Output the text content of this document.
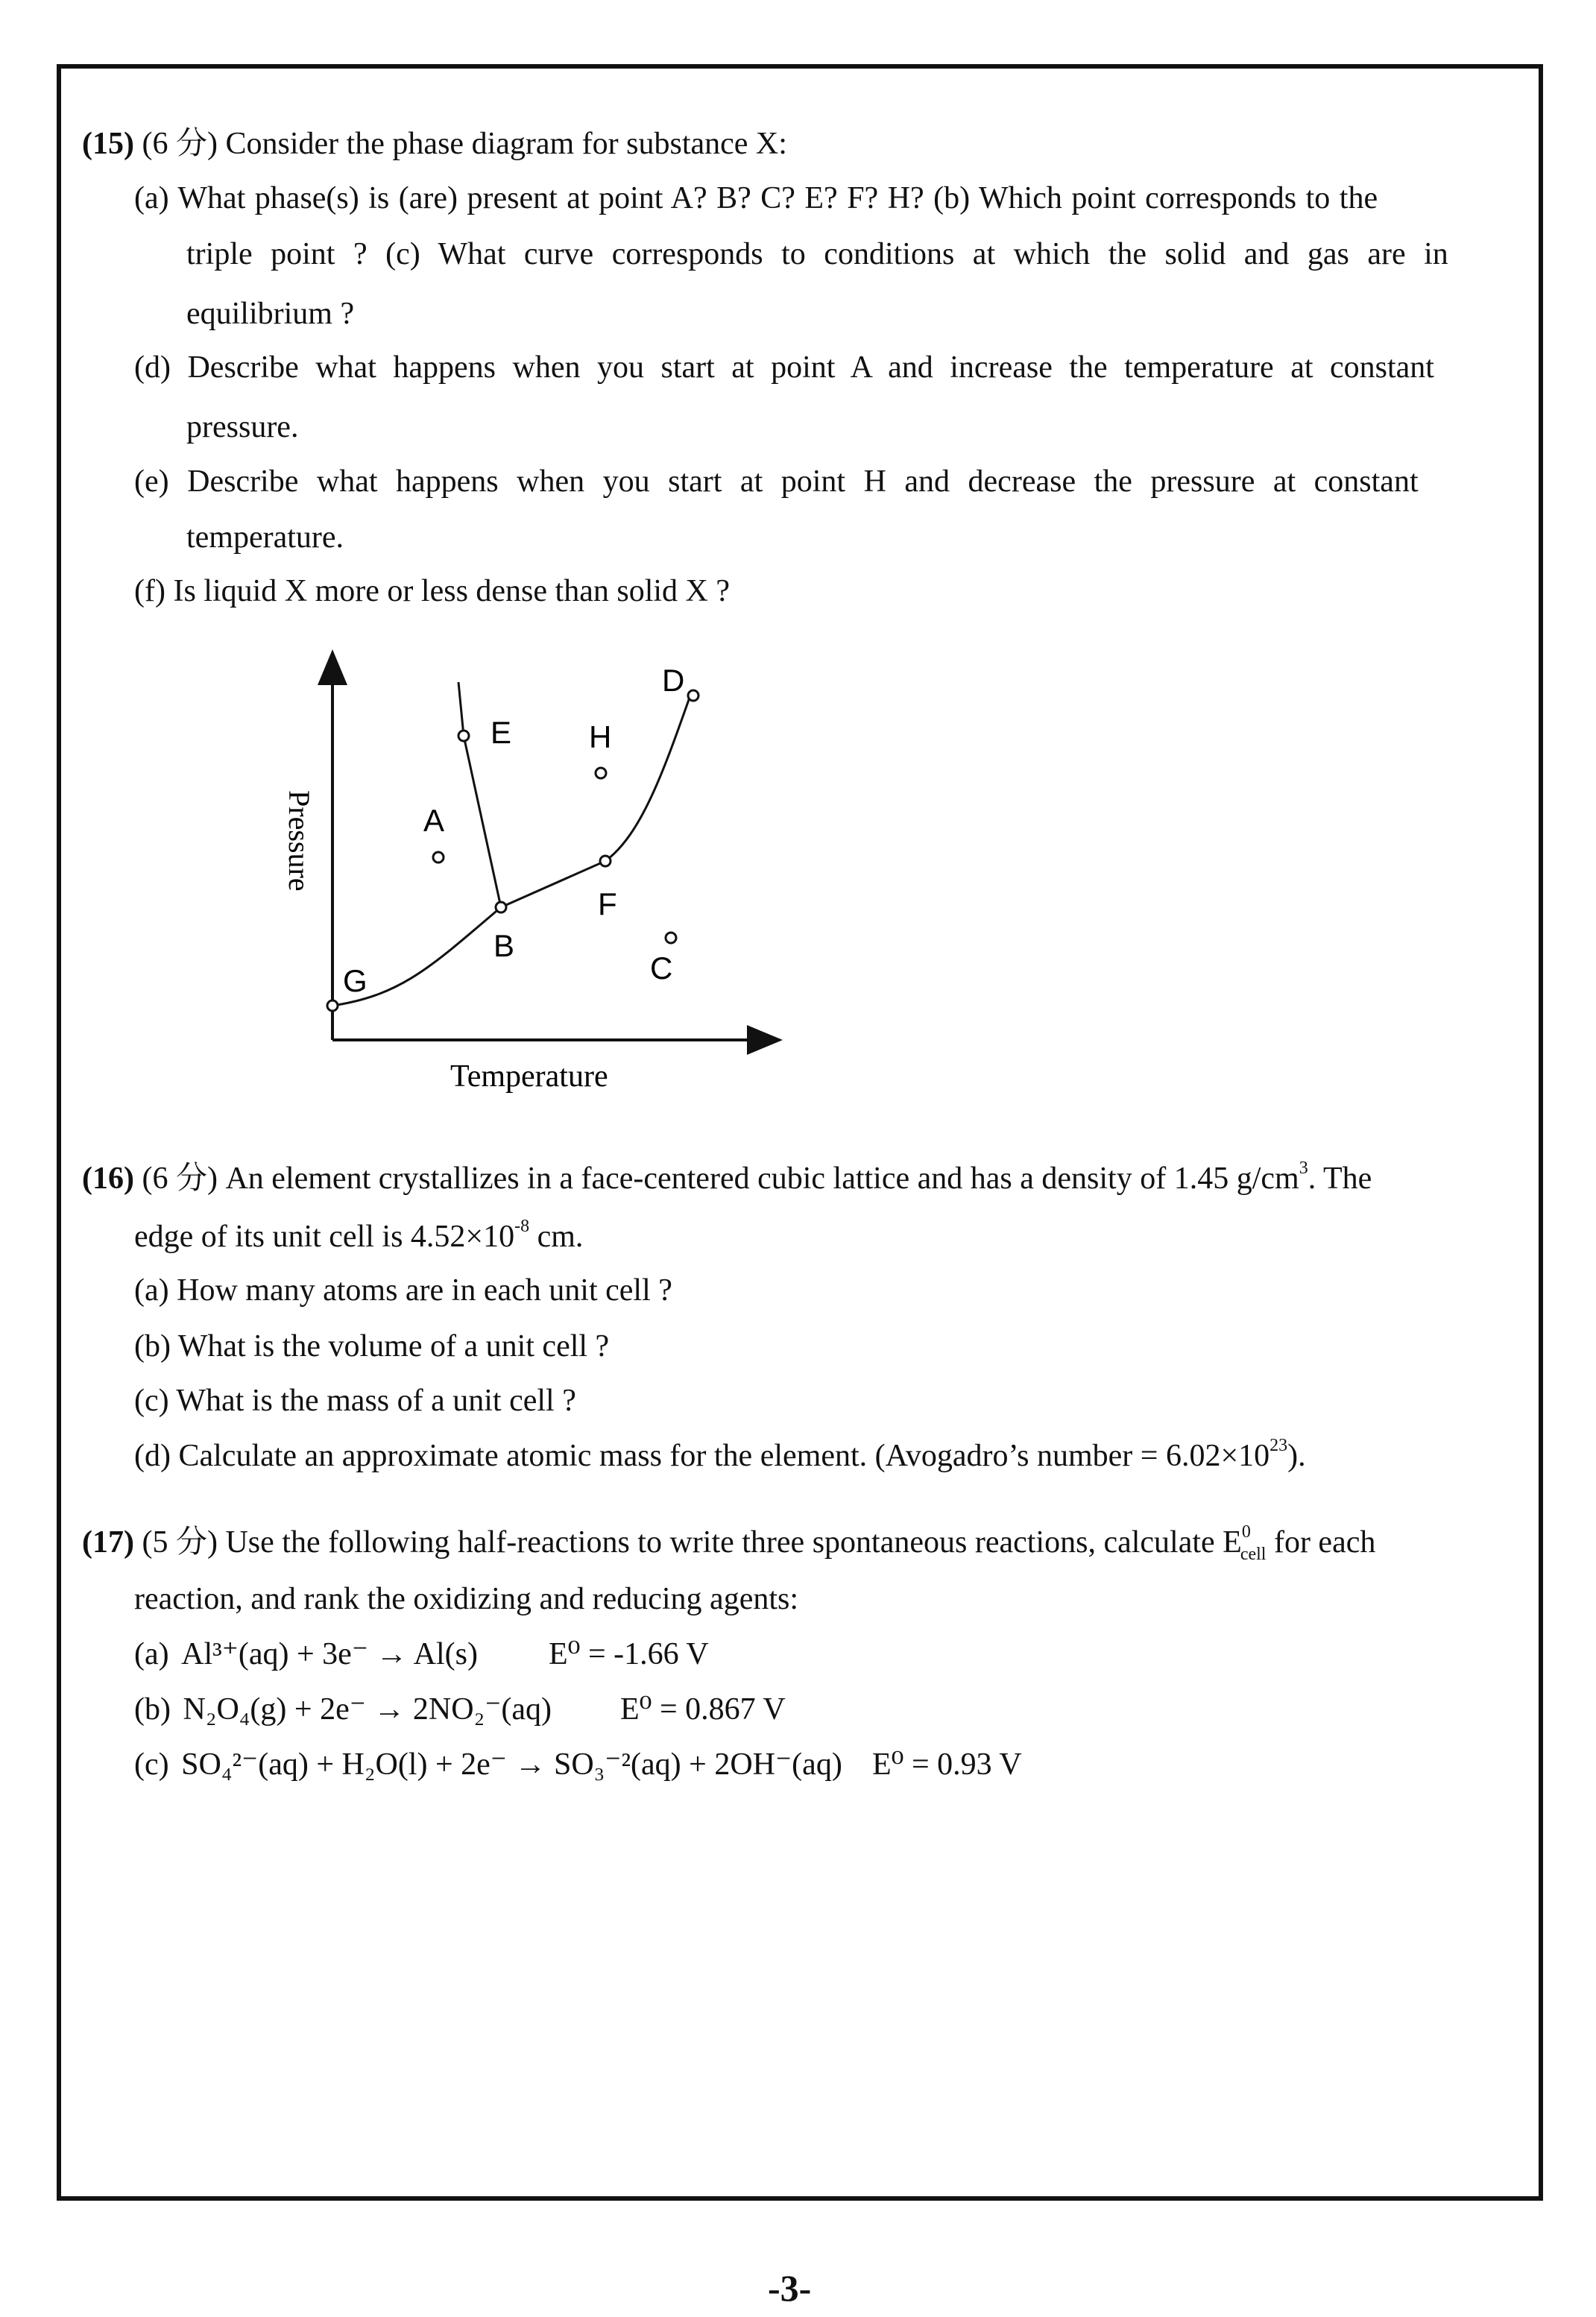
(15) (6 分) Consider the phase diagram for substance X:
(a) What phase(s) is (are) present at point A? B? C? E? F? H? (b) Which point corresponds to the
triple point ? (c) What curve corresponds to conditions at which the solid and gas are in
equilibrium ?
(d) Describe what happens when you start at point A and increase the temperature at constant
pressure.
(e) Describe what happens when you start at point H and decrease the pressure at constant
temperature.
(f) Is liquid X more or less dense than solid X ?
A
B
C
D
E
F
G
H
Pressure
Temperature
(16) (6 分) An element crystallizes in a face-centered cubic lattice and has a density of 1.45 $g/cm^3$. The
edge of its unit cell is $4.52\times 10^{-8}$ cm.
(a) How many atoms are in each unit cell ?
(b) What is the volume of a unit cell ?
(c) What is the mass of a unit cell ?
(d) Calculate an approximate atomic mass for the element. (Avogadro’s number = $6.02\times 10^{23}$).
(17) (5 分) Use the following half-reactions to write three spontaneous reactions, calculate $E^0_{cell}$ for each
reaction, and rank the oxidizing and reducing agents:
(a) Al³⁺(aq) + 3e⁻ → Al(s) E⁰ = -1.66 V
(b) N₂O₄(g) + 2e⁻ → 2NO₂⁻(aq) E⁰ = 0.867 V
(c) SO₄²⁻(aq) + H₂O(l) + 2e⁻ → SO₃⁻²(aq) + 2OH⁻(aq) E⁰ = 0.93 V
-3-
